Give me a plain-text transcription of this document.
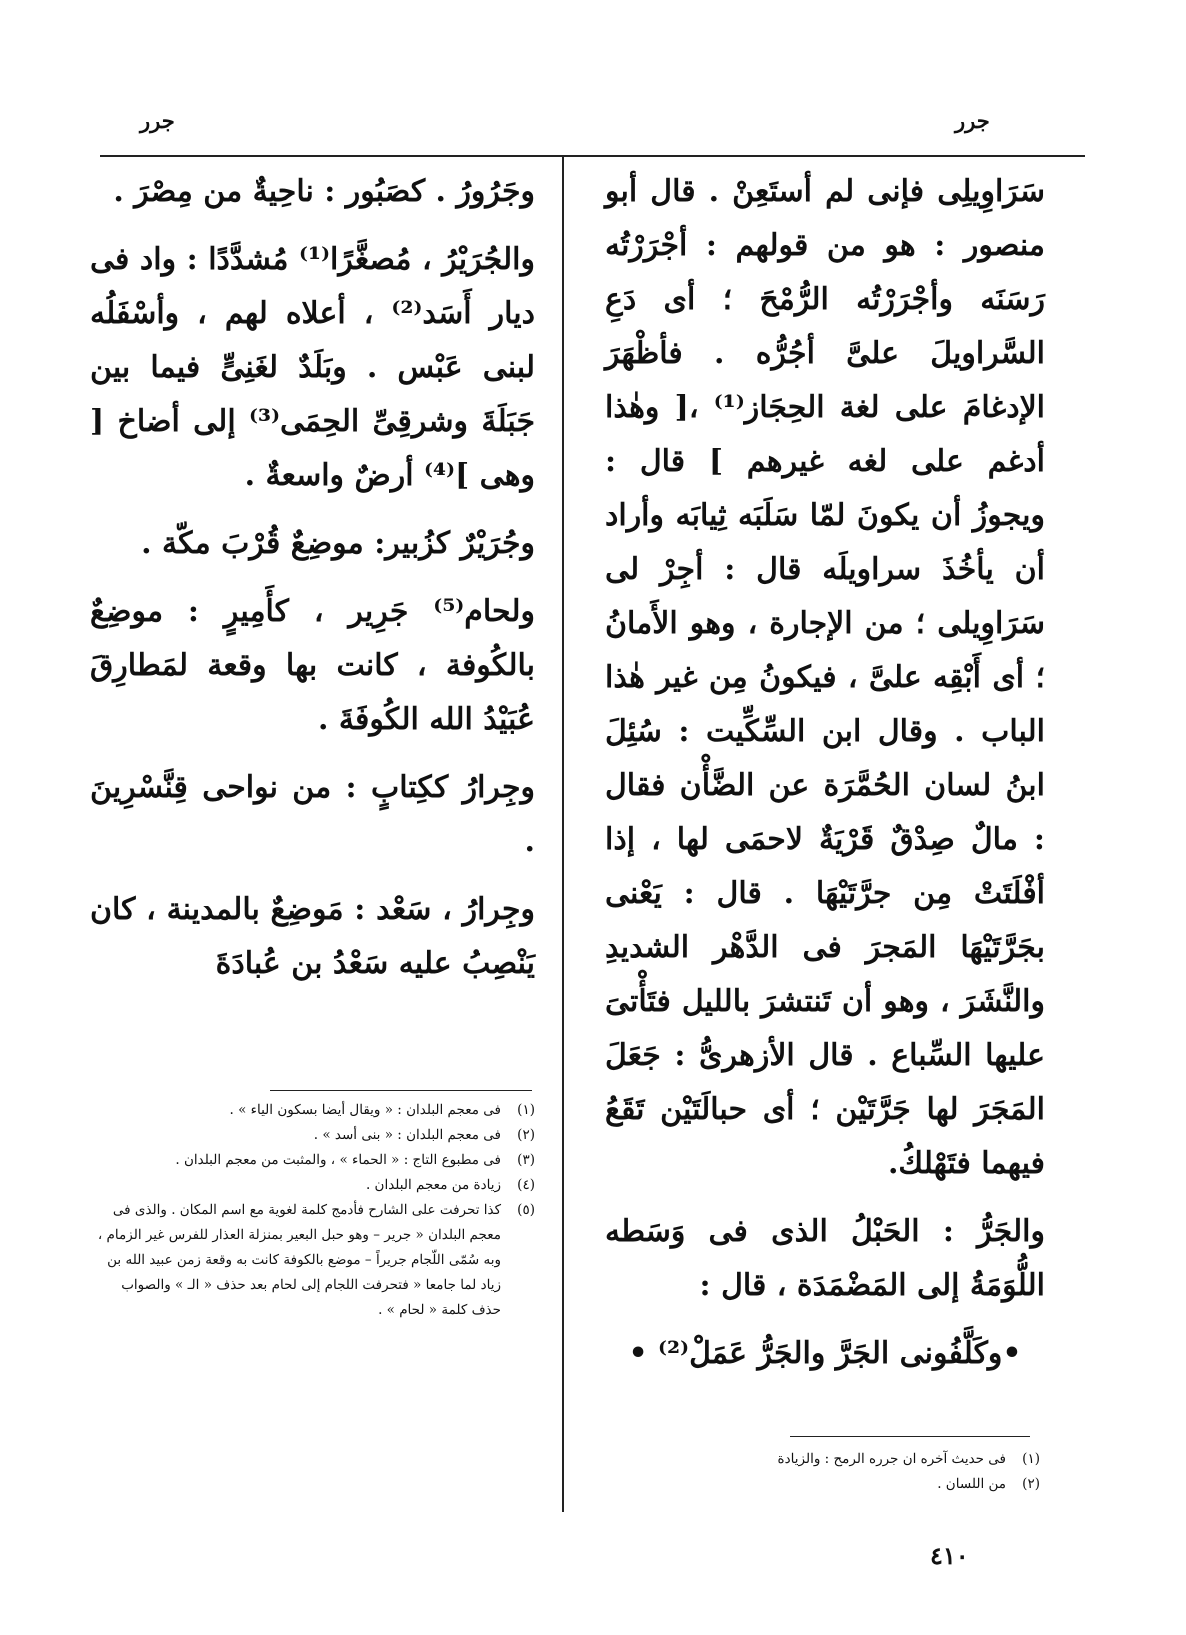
جرر	جرر

سَرَاوِيلِى فإنى لم أستَعِنْ . قال أبو منصور : هو من قولهم : أجْرَرْتُه رَسَنَه وأجْرَرْتُه الرُّمْحَ ؛ أى دَعِ السَّراويلَ علىَّ أجُرُّه . فأظْهَرَ الإدغامَ على لغة الحِجَاز⁽¹⁾ ،[ وهٰذا أدغم على لغه غيرهم ] قال : ويجوزُ أن يكونَ لمّا سَلَبَه ثِيابَه وأراد أن يأخُذَ سراويلَه قال : أجِرْ لى سَرَاوِيلى ؛ من الإجارة ، وهو الأَمانُ ؛ أى أَبْقِه علىَّ ، فيكونُ مِن غير هٰذا الباب . وقال ابن السِّكِّيت : سُئِلَ ابنُ لسان الحُمَّرَة عن الضَّأْن فقال : مالٌ صِدْقٌ قَرْيَةٌ لاحمَى لها ، إذا أفْلَتَتْ مِن جرَّتَيْهَا . قال : يَعْنى بجَرَّتَيْهَا المَجرَ فى الدَّهْر الشديدِ والنَّشَرَ ، وهو أن تَنتشرَ بالليل فتَأْتىَ عليها السِّباع . قال الأزهرىُّ : جَعَلَ المَجَرَ لها جَرَّتَيْن ؛ أى حبالَتَيْن تَقَعُ فيهما فتَهْلكُ.

والجَرُّ : الحَبْلُ الذى فى وَسَطه اللُّوَمَةُ إلى المَضْمَدَة ، قال :

•وكَلَّفُونى الجَرَّ والجَرُّ عَمَلْ⁽²⁾ •

وجَرُورُ . كصَبُور : ناحِيةٌ من مِصْرَ .

والجُرَيْرُ ، مُصغَّرًا⁽¹⁾ مُشدَّدًا : واد فى ديار أَسَد⁽²⁾ ، أعلاه لهم ، وأسْفَلُه لبنى عَبْس . وبَلَدٌ لغَنِىٍّ فيما بين جَبَلَةَ وشرقِىِّ الحِمَى⁽³⁾ إلى أضاخ [ وهى ]⁽⁴⁾ أرضٌ واسعةٌ .

وجُرَيْرٌ كزُبير: موضِعٌ قُرْبَ مكّة .

ولحام⁽⁵⁾ جَرِير ، كأَمِيرٍ : موضِعٌ بالكُوفة ، كانت بها وقعة لمَطارِقَ عُبَيْدُ الله الكُوفَةَ .

وجِرارُ ككِتابٍ : من نواحى قِنَّسْرِينَ .

وجِرارُ ، سَعْد : مَوضِعٌ بالمدينة ، كان يَنْصِبُ عليه سَعْدُ بن عُبادَةَ

(١)
فى معجم البلدان : « ويقال أيضا بسكون الياء » .
(٢)
فى معجم البلدان : « بنى أسد » .
(٣)
فى مطبوع التاج : « الحماء » ، والمثبت من معجم البلدان .
(٤)
زيادة من معجم البلدان .
(٥)
كذا تحرفت على الشارح فأدمج كلمة لغوية مع اسم المكان . والذى فى معجم البلدان « جرير – وهو حبل البعير بمنزلة العذار للفرس غير الزمام ، وبه سُمّى اللّجام جريراً – موضع بالكوفة كانت به وقعة زمن عبيد الله بن زياد لما جامعا « فتحرفت اللجام إلى لحام بعد حذف « الـ » والصواب حذف كلمة « لحام » .
(١)
فى حديث آخره ان جرره الرمح : والزيادة
(٢)
من اللسان .
٤١٠
